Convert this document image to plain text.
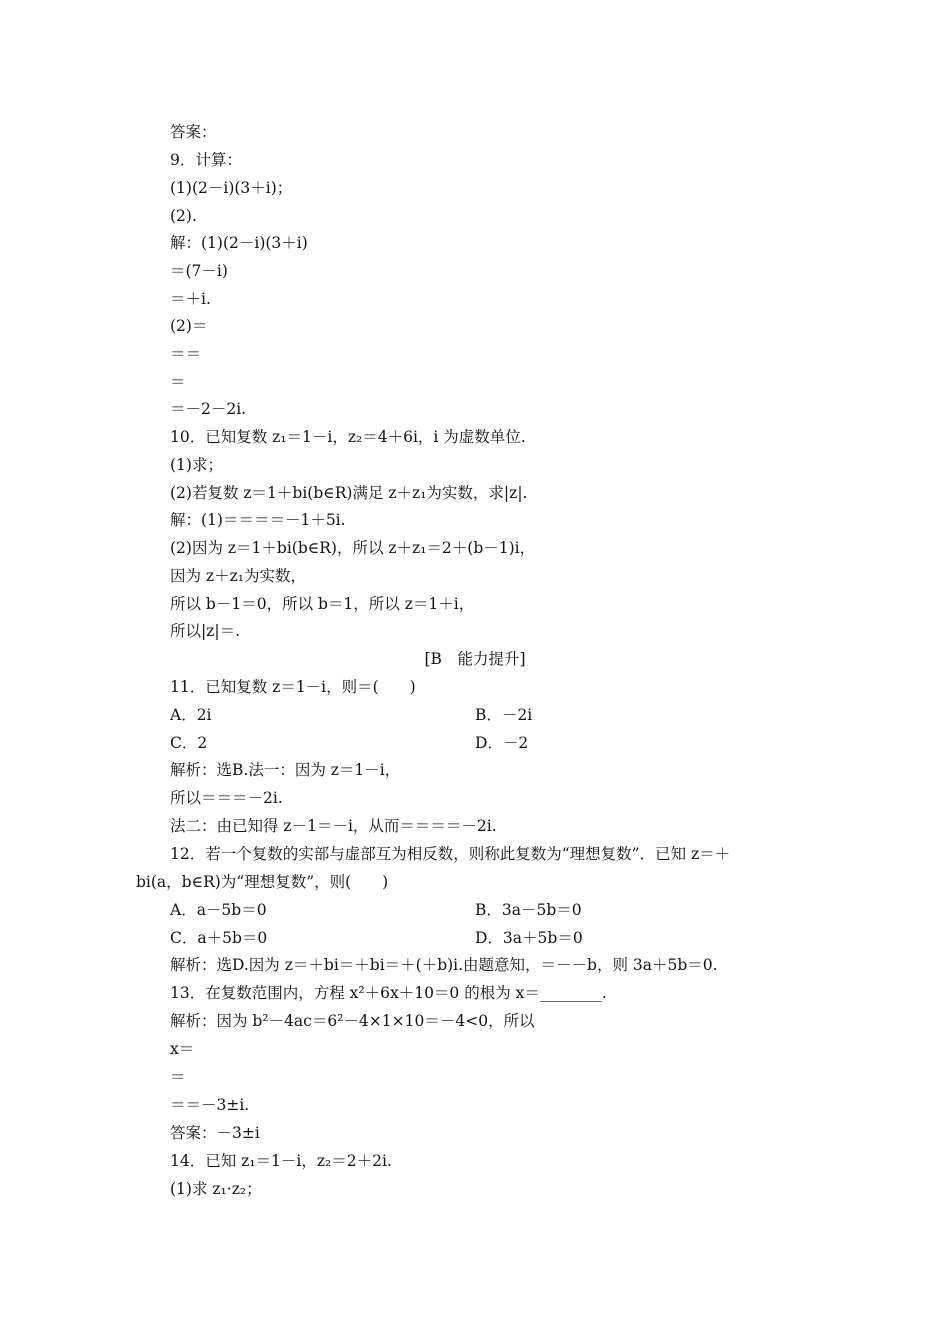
答案：
9．计算：
(1)(2－i)(3＋i)；
(2).
解：(1)(2－i)(3＋i)
＝(7－i)
＝＋i.
(2)＝
＝＝
＝
＝－2－2i.
10．已知复数 z₁＝1－i，z₂＝4＋6i，i 为虚数单位.
(1)求；
(2)若复数 z＝1＋bi(b∈R)满足 z＋z₁为实数，求|z|.
解：(1)＝＝＝＝－1＋5i.
(2)因为 z＝1＋bi(b∈R)，所以 z＋z₁＝2＋(b－1)i，
因为 z＋z₁为实数，
所以 b－1＝0，所以 b＝1，所以 z＝1＋i，
所以|z|＝.
[B　能力提升]
11．已知复数 z＝1－i，则＝(　　)
A．2i	B．－2i
C．2	D．－2
解析：选B.法一：因为 z＝1－i，
所以＝＝＝－2i.
法二：由已知得 z－1＝－i，从而＝＝＝＝－2i.
12．若一个复数的实部与虚部互为相反数，则称此复数为“理想复数”．已知 z＝＋
bi(a，b∈R)为“理想复数”，则(　　)
A．a－5b＝0	B．3a－5b＝0
C．a＋5b＝0	D．3a＋5b＝0
解析：选D.因为 z＝＋bi＝＋bi＝＋(＋b)i.由题意知，＝－－b，则 3a＋5b＝0.
13．在复数范围内，方程 x²＋6x＋10＝0 的根为 x＝________.
解析：因为 b²－4ac＝6²－4×1×10＝－4<0，所以
x＝
＝
＝＝－3±i.
答案：－3±i
14．已知 z₁＝1－i，z₂＝2＋2i.
(1)求 z₁·z₂；
